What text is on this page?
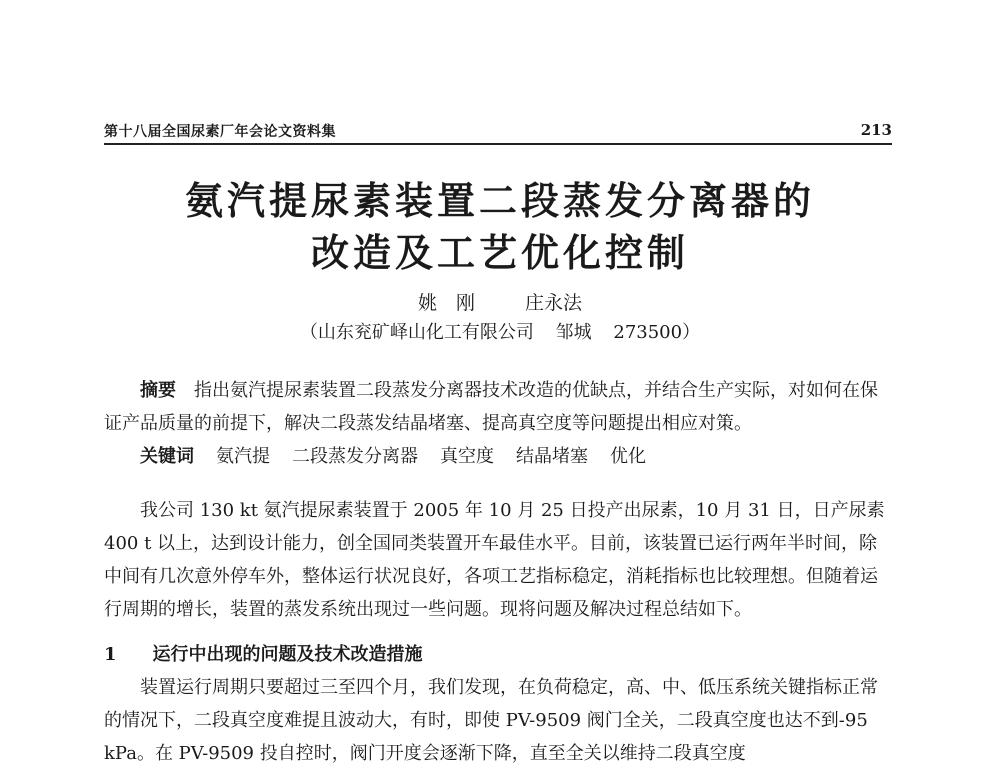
第十八届全国尿素厂年会论文资料集	213
氨汽提尿素装置二段蒸发分离器的
改造及工艺优化控制
姚　刚	庄永法
（山东兖矿峄山化工有限公司 邹城 273500）
摘要　 指出氨汽提尿素装置二段蒸发分离器技术改造的优缺点，并结合生产实际，对如何在保证产品质量的前提下，解决二段蒸发结晶堵塞、提高真空度等问题提出相应对策。
关键词 氨汽提 二段蒸发分离器 真空度 结晶堵塞 优化
我公司 130 kt 氨汽提尿素装置于 2005 年 10 月 25 日投产出尿素，10 月 31 日，日产尿素 400 t 以上，达到设计能力，创全国同类装置开车最佳水平。目前，该装置已运行两年半时间，除中间有几次意外停车外，整体运行状况良好，各项工艺指标稳定，消耗指标也比较理想。但随着运行周期的增长，装置的蒸发系统出现过一些问题。现将问题及解决过程总结如下。
1　　 运行中出现的问题及技术改造措施
装置运行周期只要超过三至四个月，我们发现，在负荷稳定，高、中、低压系统关键指标正常的情况下，二段真空度难提且波动大，有时，即使 PV-9509 阀门全关，二段真空度也达不到-95 kPa。在 PV-9509 投自控时，阀门开度会逐渐下降，直至全关以维持二段真空度
